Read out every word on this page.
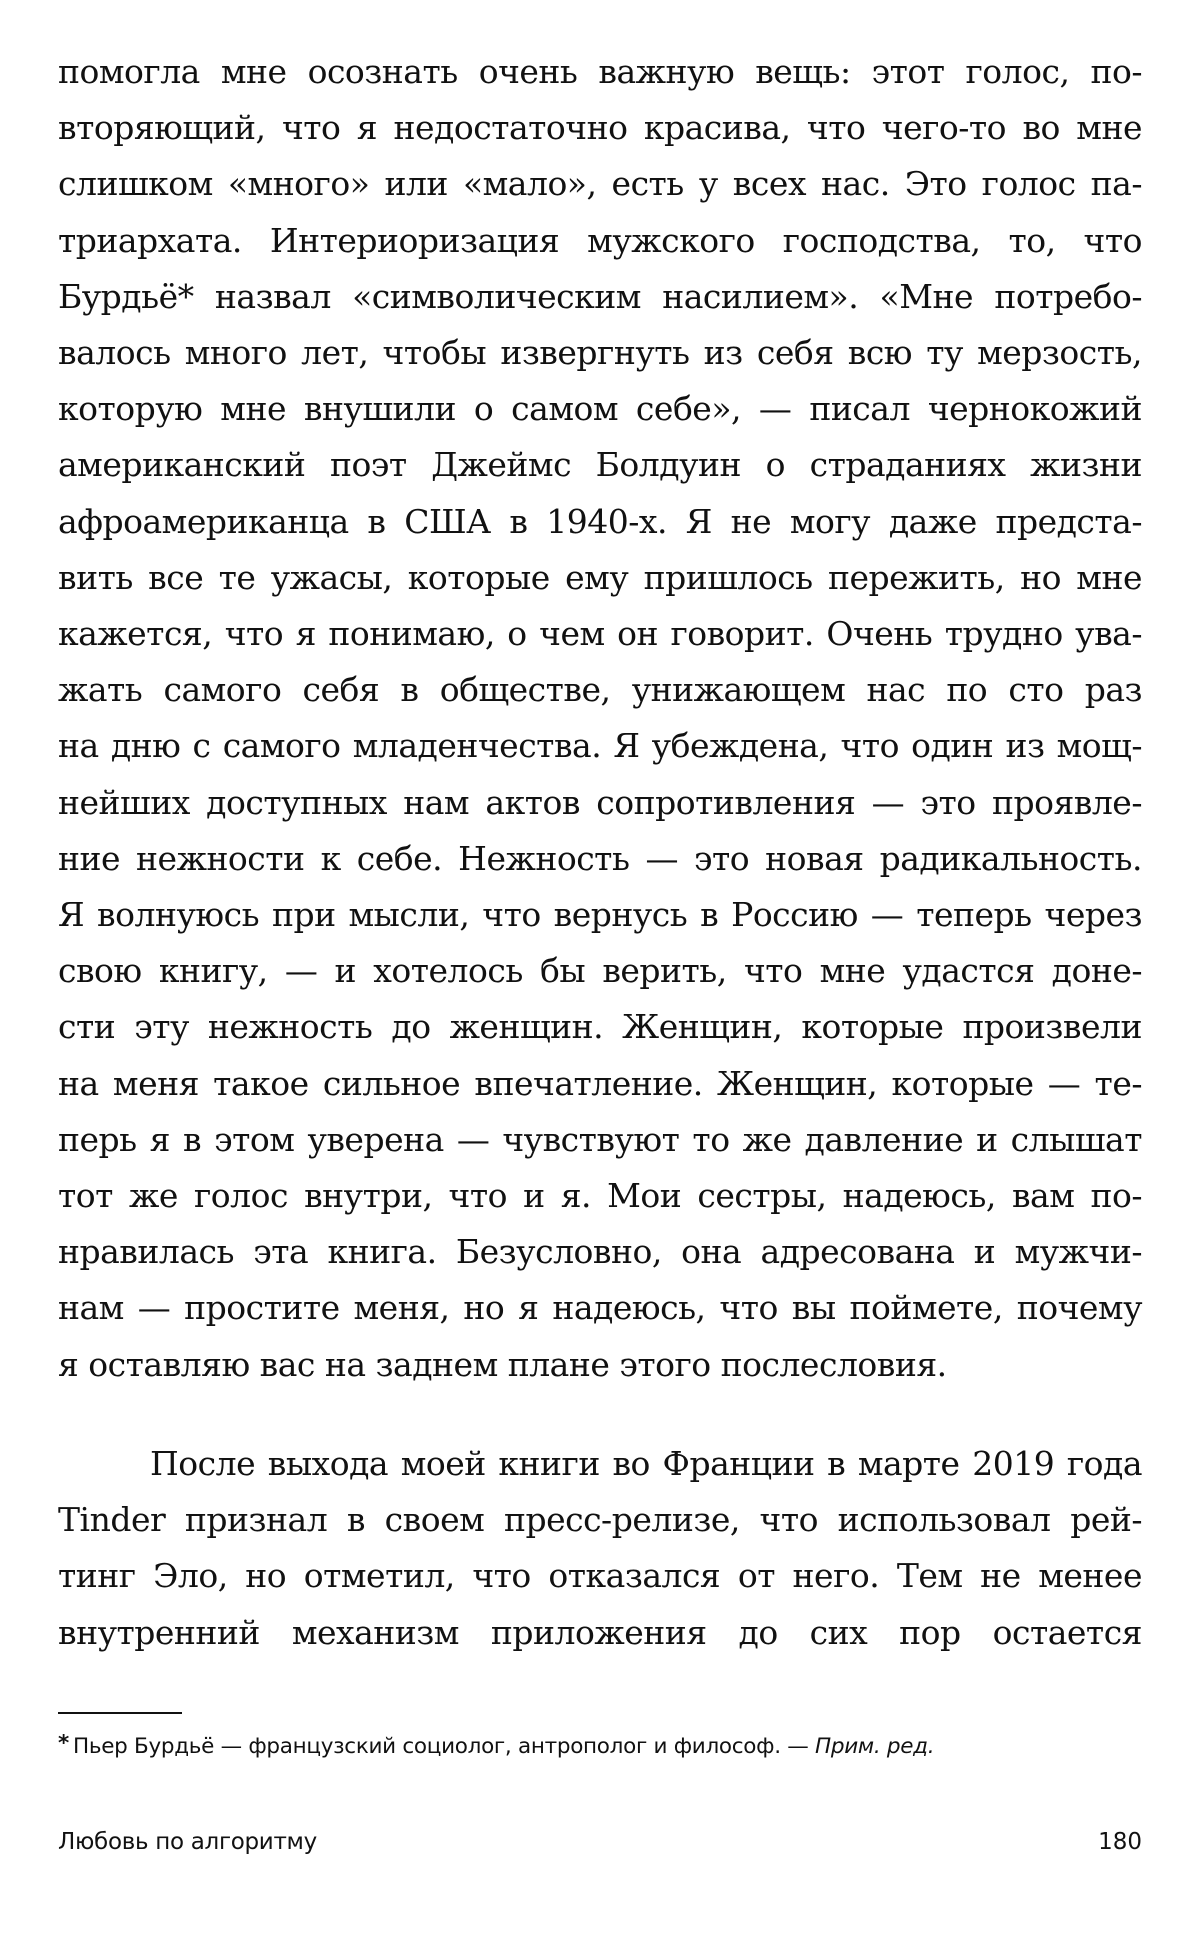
помогла мне осознать очень важную вещь: этот голос, по-
вторяющий, что я недостаточно красива, что чего-то во мне
слишком «много» или «мало», есть у всех нас. Это голос па-
триархата. Интериоризация мужского господства, то, что
Бурдьё* назвал «символическим насилием». «Мне потребо-
валось много лет, чтобы извергнуть из себя всю ту мерзость,
которую мне внушили о самом себе», — писал чернокожий
американский поэт Джеймс Болдуин о страданиях жизни
афроамериканца в США в 1940-х. Я не могу даже предста-
вить все те ужасы, которые ему пришлось пережить, но мне
кажется, что я понимаю, о чем он говорит. Очень трудно ува-
жать самого себя в обществе, унижающем нас по сто раз
на дню с самого младенчества. Я убеждена, что один из мощ-
нейших доступных нам актов сопротивления — это проявле-
ние нежности к себе. Нежность — это новая радикальность.
Я волнуюсь при мысли, что вернусь в Россию — теперь через
свою книгу, — и хотелось бы верить, что мне удастся доне-
сти эту нежность до женщин. Женщин, которые произвели
на меня такое сильное впечатление. Женщин, которые — те-
перь я в этом уверена — чувствуют то же давление и слышат
тот же голос внутри, что и я. Мои сестры, надеюсь, вам по-
нравилась эта книга. Безусловно, она адресована и мужчи-
нам — простите меня, но я надеюсь, что вы поймете, почему
я оставляю вас на заднем плане этого послесловия.
После выхода моей книги во Франции в марте 2019 года
Tinder признал в своем пресс-релизе, что использовал рей-
тинг Эло, но отметил, что отказался от него. Тем не менее
внутренний механизм приложения до сих пор остается
* Пьер Бурдьё — французский социолог, антрополог и философ. — Прим. ред.
Любовь по алгоритму	180
